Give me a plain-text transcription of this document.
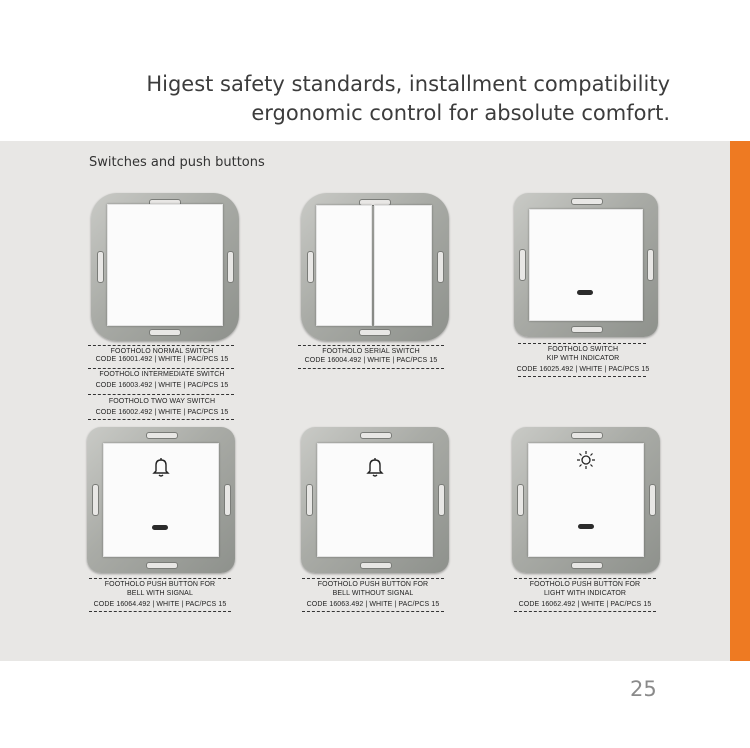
Higest safety standards, installment compatibility
ergonomic control for absolute comfort.
Switches and push buttons
FOOTHOLO NORMAL SWITCH
CODE 16001.492 | WHITE | PAC/PCS 15
FOOTHOLO INTERMEDIATE SWITCH
CODE 16003.492 | WHITE | PAC/PCS 15
FOOTHOLO TWO WAY SWITCH
CODE 16002.492 | WHITE | PAC/PCS 15
FOOTHOLO SERIAL SWITCH
CODE 16004.492 | WHITE | PAC/PCS 15
FOOTHOLO SWITCH
KIP WITH INDICATOR
CODE 16025.492 | WHITE | PAC/PCS 15
FOOTHOLO PUSH BUTTON FOR
BELL WITH SIGNAL
CODE 16064.492 | WHITE | PAC/PCS 15
FOOTHOLO PUSH BUTTON FOR
BELL WITHOUT SIGNAL
CODE 16063.492 | WHITE | PAC/PCS 15
FOOTHOLO PUSH BUTTON FOR
LIGHT WITH INDICATOR
CODE 16062.492 | WHITE | PAC/PCS 15
25
